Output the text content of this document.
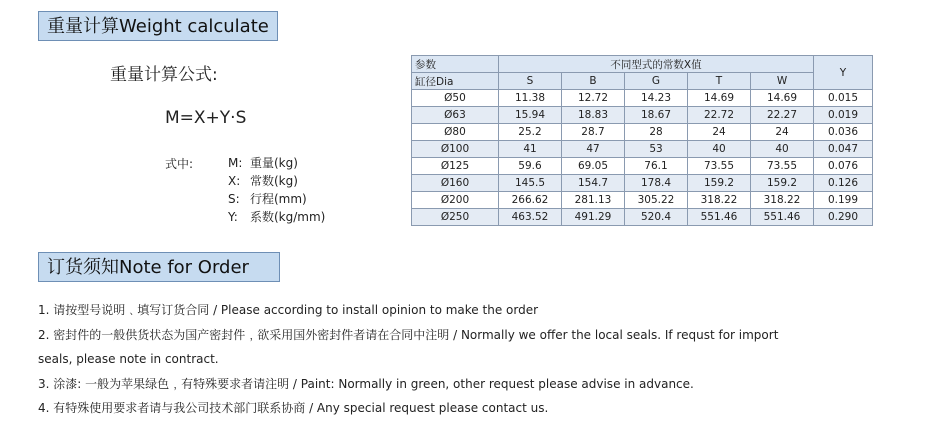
重量计算Weight calculate
重量计算公式:
M=X+Y·S
式中:	M: 重量(kg)
X: 常数(kg)
S: 行程(mm)
Y: 系数(kg/mm)
参数	不同型式的常数X值					Y
缸径Dia	S	B	G	T	W	
Ø50	11.38	12.72	14.23	14.69	14.69	0.015
Ø63	15.94	18.83	18.67	22.72	22.27	0.019
Ø80	25.2	28.7	28	24	24	0.036
Ø100	41	47	53	40	40	0.047
Ø125	59.6	69.05	76.1	73.55	73.55	0.076
Ø160	145.5	154.7	178.4	159.2	159.2	0.126
Ø200	266.62	281.13	305.22	318.22	318.22	0.199
Ø250	463.52	491.29	520.4	551.46	551.46	0.290
订货须知Note for Order
1. 请按型号说明﹑填写订货合同 / Please according to install opinion to make the order
2. 密封件的一般供货状态为国产密封件﹐欲采用国外密封件者请在合同中注明 / Normally we offer the local seals. If requst for import
seals, please note in contract.
3. 涂漆: 一般为苹果绿色﹐有特殊要求者请注明 / Paint: Normally in green, other request please advise in advance.
4. 有特殊使用要求者请与我公司技术部门联系协商 / Any special request please contact us.
